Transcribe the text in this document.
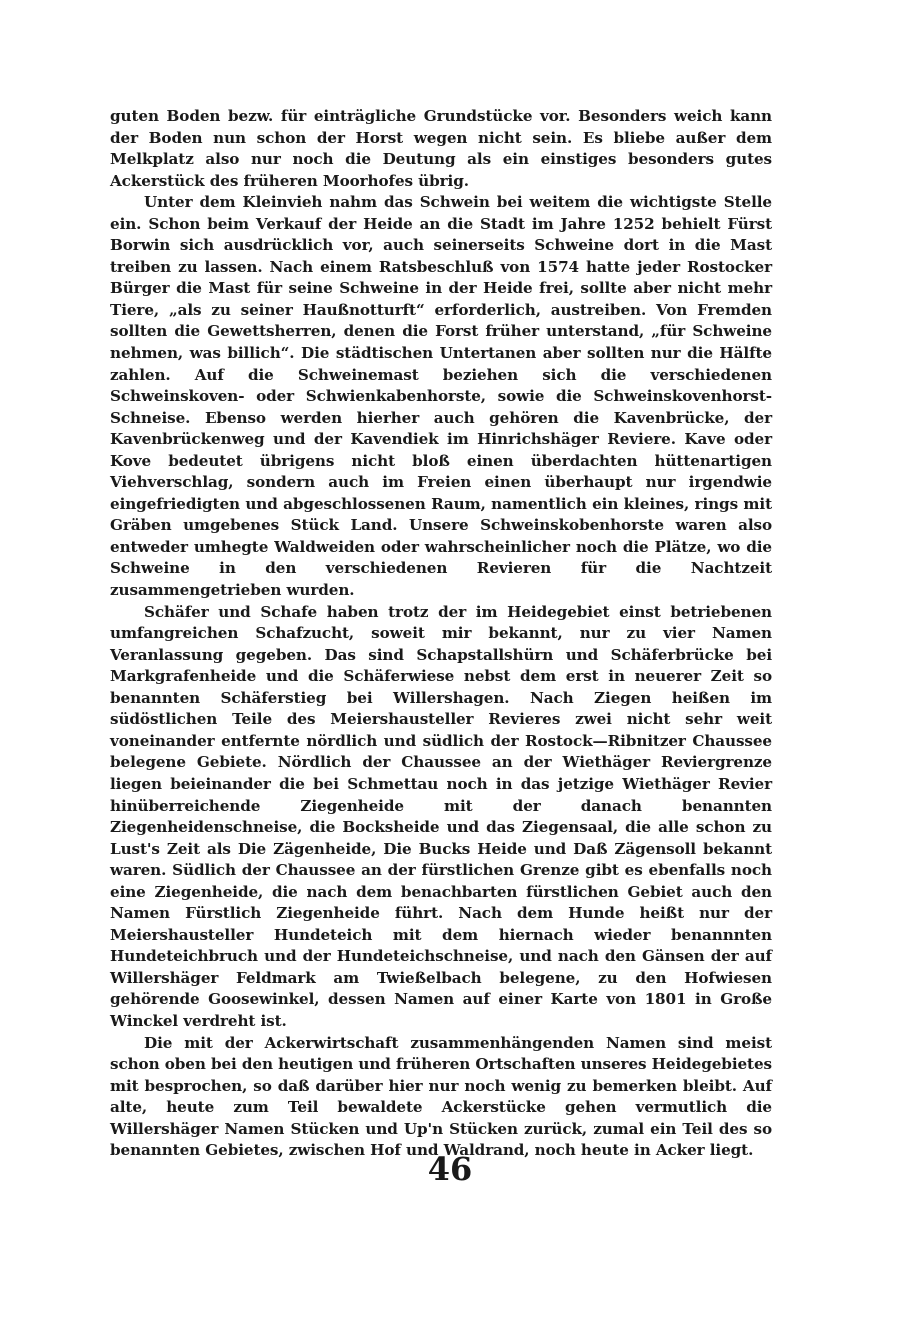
guten Boden bezw. für einträgliche Grundstücke vor. Besonders weich kann der Boden nun schon der Horst wegen nicht sein. Es bliebe außer dem Melkplatz also nur noch die Deutung als ein einstiges besonders gutes Ackerstück des früheren Moorhofes übrig.

Unter dem Kleinvieh nahm das Schwein bei weitem die wichtigste Stelle ein. Schon beim Verkauf der Heide an die Stadt im Jahre 1252 behielt Fürst Borwin sich ausdrücklich vor, auch seinerseits Schweine dort in die Mast treiben zu lassen. Nach einem Ratsbeschluß von 1574 hatte jeder Rostocker Bürger die Mast für seine Schweine in der Heide frei, sollte aber nicht mehr Tiere, „als zu seiner Haußnotturft“ erforderlich, austreiben. Von Fremden sollten die Gewettsherren, denen die Forst früher unterstand, „für Schweine nehmen, was billich“. Die städtischen Untertanen aber sollten nur die Hälfte zahlen. Auf die Schweinemast beziehen sich die verschiedenen Schweinskoven- oder Schwienkabenhorste, sowie die Schweinskovenhorst-Schneise. Ebenso werden hierher auch gehören die Kavenbrücke, der Kavenbrückenweg und der Kavendiek im Hinrichshäger Reviere. Kave oder Kove bedeutet übrigens nicht bloß einen überdachten hüttenartigen Viehverschlag, sondern auch im Freien einen überhaupt nur irgendwie eingefriedigten und abgeschlossenen Raum, namentlich ein kleines, rings mit Gräben umgebenes Stück Land. Unsere Schweinskobenhorste waren also entweder umhegte Waldweiden oder wahrscheinlicher noch die Plätze, wo die Schweine in den verschiedenen Revieren für die Nachtzeit zusammengetrieben wurden.

Schäfer und Schafe haben trotz der im Heidegebiet einst betriebenen umfangreichen Schafzucht, soweit mir bekannt, nur zu vier Namen Veranlassung gegeben. Das sind Schapstallshürn und Schäferbrücke bei Markgrafenheide und die Schäferwiese nebst dem erst in neuerer Zeit so benannten Schäferstieg bei Willershagen. Nach Ziegen heißen im südöstlichen Teile des Meiershausteller Revieres zwei nicht sehr weit voneinander entfernte nördlich und südlich der Rostock—Ribnitzer Chaussee belegene Gebiete. Nördlich der Chaussee an der Wiethäger Reviergrenze liegen beieinander die bei Schmettau noch in das jetzige Wiethäger Revier hinüberreichende Ziegenheide mit der danach benannten Ziegenheidenschneise, die Bocksheide und das Ziegensaal, die alle schon zu Lust's Zeit als Die Zägenheide, Die Bucks Heide und Daß Zägensoll bekannt waren. Südlich der Chaussee an der fürstlichen Grenze gibt es ebenfalls noch eine Ziegenheide, die nach dem benachbarten fürstlichen Gebiet auch den Namen Fürstlich Ziegenheide führt. Nach dem Hunde heißt nur der Meiershausteller Hundeteich mit dem hiernach wieder benannnten Hundeteichbruch und der Hundeteichschneise, und nach den Gänsen der auf Willershäger Feldmark am Twießelbach belegene, zu den Hofwiesen gehörende Goosewinkel, dessen Namen auf einer Karte von 1801 in Große Winckel verdreht ist.

Die mit der Ackerwirtschaft zusammenhängenden Namen sind meist schon oben bei den heutigen und früheren Ortschaften unseres Heidegebietes mit besprochen, so daß darüber hier nur noch wenig zu bemerken bleibt. Auf alte, heute zum Teil bewaldete Ackerstücke gehen vermutlich die Willershäger Namen Stücken und Up'n Stücken zurück, zumal ein Teil des so benannten Gebietes, zwischen Hof und Waldrand, noch heute in Acker liegt.

46
